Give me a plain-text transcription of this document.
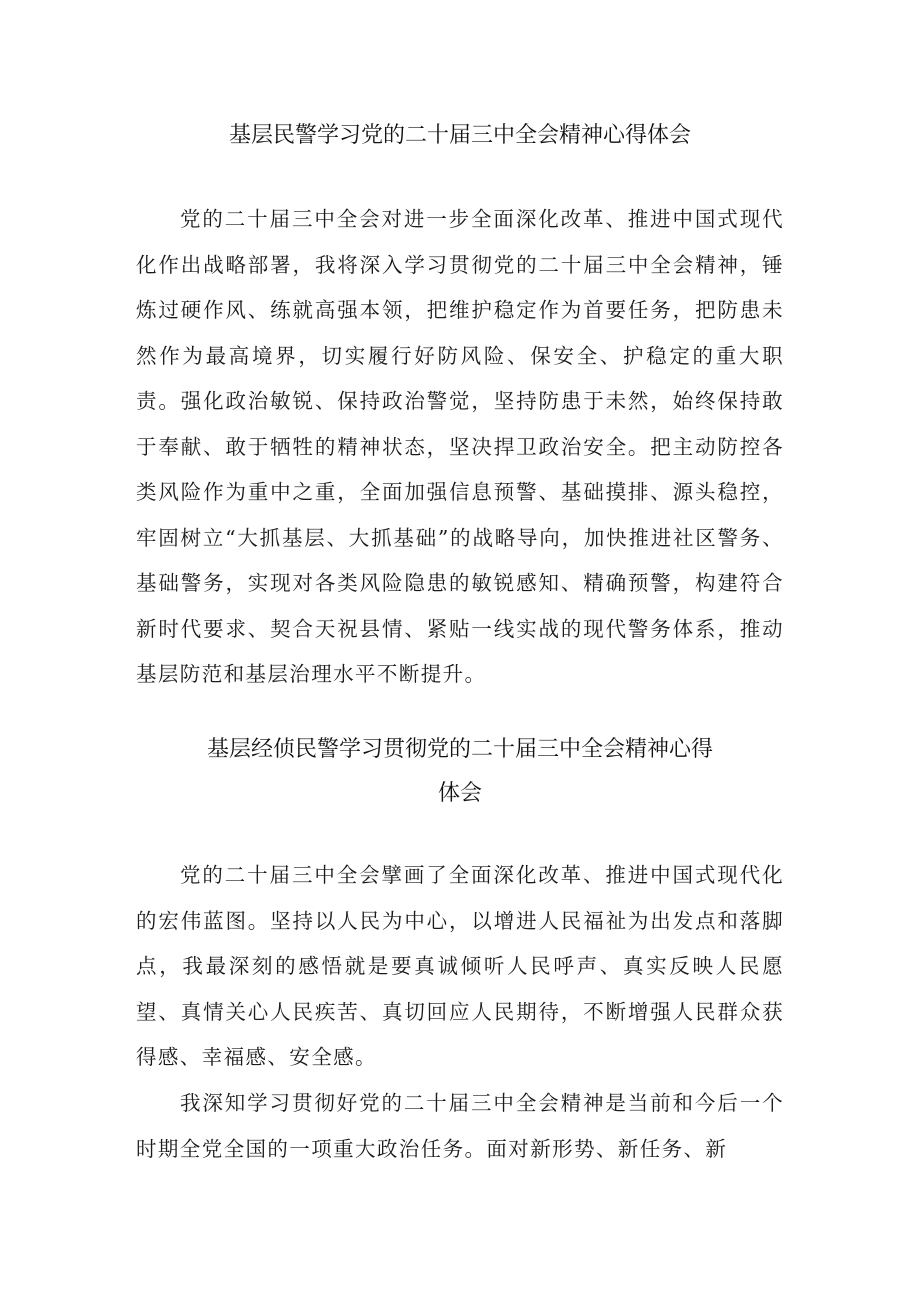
基层民警学习党的二十届三中全会精神心得体会

党的二十届三中全会对进一步全面深化改革、推进中国式现代化作出战略部署，我将深入学习贯彻党的二十届三中全会精神，锤炼过硬作风、练就高强本领，把维护稳定作为首要任务，把防患未然作为最高境界，切实履行好防风险、保安全、护稳定的重大职责。强化政治敏锐、保持政治警觉，坚持防患于未然，始终保持敢于奉献、敢于牺牲的精神状态，坚决捍卫政治安全。把主动防控各类风险作为重中之重，全面加强信息预警、基础摸排、源头稳控，牢固树立“大抓基层、大抓基础”的战略导向，加快推进社区警务、基础警务，实现对各类风险隐患的敏锐感知、精确预警，构建符合新时代要求、契合天祝县情、紧贴一线实战的现代警务体系，推动基层防范和基层治理水平不断提升。

基层经侦民警学习贯彻党的二十届三中全会精神心得
体会

党的二十届三中全会擘画了全面深化改革、推进中国式现代化的宏伟蓝图。坚持以人民为中心，以增进人民福祉为出发点和落脚点，我最深刻的感悟就是要真诚倾听人民呼声、真实反映人民愿望、真情关心人民疾苦、真切回应人民期待，不断增强人民群众获得感、幸福感、安全感。

我深知学习贯彻好党的二十届三中全会精神是当前和今后一个时期全党全国的一项重大政治任务。面对新形势、新任务、新
